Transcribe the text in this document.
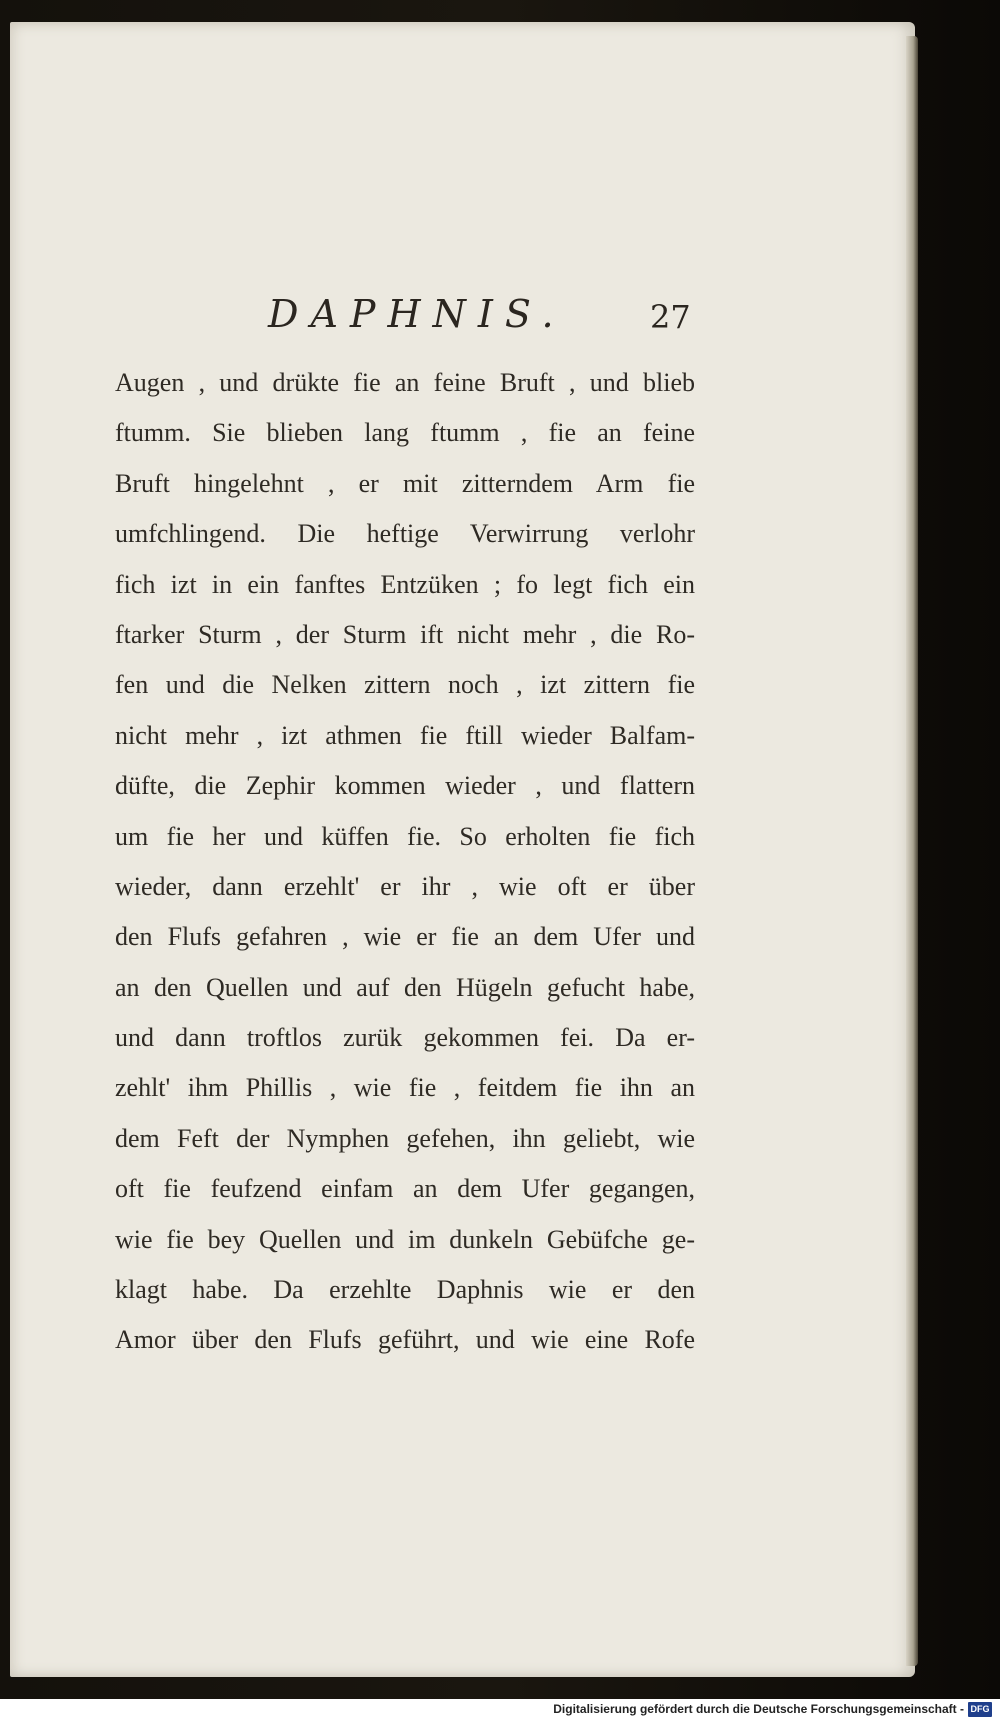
DAPHNIS.	27
Augen , und drükte fie an feine Bruft , und blieb
ftumm. Sie blieben lang ftumm , fie an feine
Bruft hingelehnt , er mit zitterndem Arm fie
umfchlingend. Die heftige Verwirrung verlohr
fich izt in ein fanftes Entzüken ; fo legt fich ein
ftarker Sturm , der Sturm ift nicht mehr , die Ro-
fen und die Nelken zittern noch , izt zittern fie
nicht mehr , izt athmen fie ftill wieder Balfam-
düfte, die Zephir kommen wieder , und flattern
um fie her und küffen fie. So erholten fie fich
wieder, dann erzehlt' er ihr , wie oft er über
den Flufs gefahren , wie er fie an dem Ufer und
an den Quellen und auf den Hügeln gefucht habe,
und dann troftlos zurük gekommen fei. Da er-
zehlt' ihm Phillis , wie fie , feitdem fie ihn an
dem Feft der Nymphen gefehen, ihn geliebt, wie
oft fie feufzend einfam an dem Ufer gegangen,
wie fie bey Quellen und im dunkeln Gebüfche ge-
klagt habe. Da erzehlte Daphnis wie er den
Amor über den Flufs geführt, und wie eine Rofe
Digitalisierung gefördert durch die Deutsche Forschungsgemeinschaft - DFG
